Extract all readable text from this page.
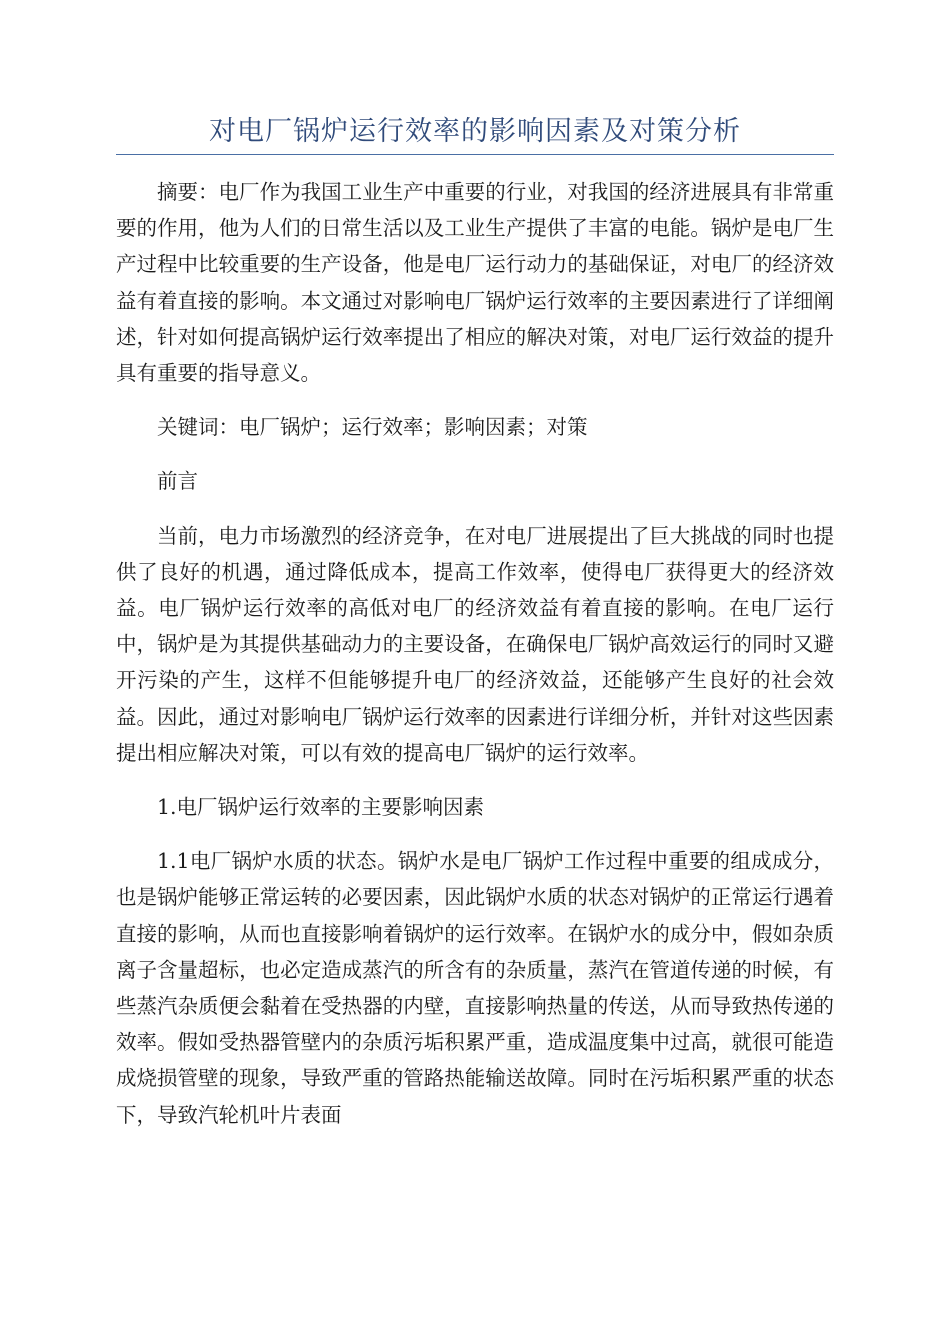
对电厂锅炉运行效率的影响因素及对策分析

摘要：电厂作为我国工业生产中重要的行业，对我国的经济进展具有非常重要的作用，他为人们的日常生活以及工业生产提供了丰富的电能。锅炉是电厂生产过程中比较重要的生产设备，他是电厂运行动力的基础保证，对电厂的经济效益有着直接的影响。本文通过对影响电厂锅炉运行效率的主要因素进行了详细阐述，针对如何提高锅炉运行效率提出了相应的解决对策，对电厂运行效益的提升具有重要的指导意义。

关键词：电厂锅炉；运行效率；影响因素；对策

前言

当前，电力市场激烈的经济竞争，在对电厂进展提出了巨大挑战的同时也提供了良好的机遇，通过降低成本，提高工作效率，使得电厂获得更大的经济效益。电厂锅炉运行效率的高低对电厂的经济效益有着直接的影响。在电厂运行中，锅炉是为其提供基础动力的主要设备，在确保电厂锅炉高效运行的同时又避开污染的产生，这样不但能够提升电厂的经济效益，还能够产生良好的社会效益。因此，通过对影响电厂锅炉运行效率的因素进行详细分析，并针对这些因素提出相应解决对策，可以有效的提高电厂锅炉的运行效率。

1.电厂锅炉运行效率的主要影响因素

1.1电厂锅炉水质的状态。锅炉水是电厂锅炉工作过程中重要的组成成分，也是锅炉能够正常运转的必要因素，因此锅炉水质的状态对锅炉的正常运行遇着直接的影响，从而也直接影响着锅炉的运行效率。在锅炉水的成分中，假如杂质离子含量超标，也必定造成蒸汽的所含有的杂质量，蒸汽在管道传递的时候，有些蒸汽杂质便会黏着在受热器的内壁，直接影响热量的传送，从而导致热传递的效率。假如受热器管壁内的杂质污垢积累严重，造成温度集中过高，就很可能造成烧损管壁的现象，导致严重的管路热能输送故障。同时在污垢积累严重的状态下，导致汽轮机叶片表面
